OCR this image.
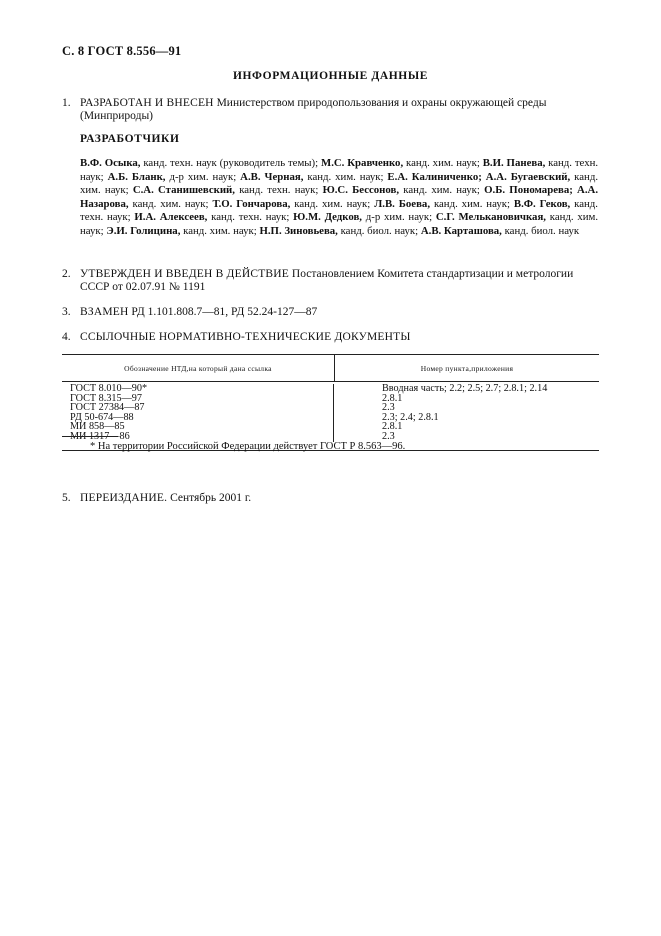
С. 8 ГОСТ 8.556—91
ИНФОРМАЦИОННЫЕ ДАННЫЕ
1. РАЗРАБОТАН И ВНЕСЕН Министерством природопользования и охраны окружающей среды (Минприроды)
РАЗРАБОТЧИКИ

В.Ф. Осыка, канд. техн. наук (руководитель темы); М.С. Кравченко, канд. хим. наук; В.И. Панева, канд. техн. наук; А.Б. Бланк, д-р хим. наук; А.В. Черная, канд. хим. наук; Е.А. Калиниченко; А.А. Бугаевский, канд. хим. наук; С.А. Станишевский, канд. техн. наук; Ю.С. Бессонов, канд. хим. наук; О.Б. Пономарева; А.А. Назарова, канд. хим. наук; Т.О. Гончарова, канд. хим. наук; Л.В. Боева, канд. хим. наук; В.Ф. Геков, канд. техн. наук; И.А. Алексеев, канд. техн. наук; Ю.М. Дедков, д-р хим. наук; С.Г. Мелькановичкая, канд. хим. наук; Э.И. Голицина, канд. хим. наук; Н.П. Зиновьева, канд. биол. наук; А.В. Карташова, канд. биол. наук

2. УТВЕРЖДЕН И ВВЕДЕН В ДЕЙСТВИЕ Постановлением Комитета стандартизации и метрологии СССР от 02.07.91 № 1191
3. ВЗАМЕН РД 1.101.808.7—81, РД 52.24-127—87
4. ССЫЛОЧНЫЕ НОРМАТИВНО-ТЕХНИЧЕСКИЕ ДОКУМЕНТЫ
Обозначение НТД,на который дана ссылка	Номер пункта,приложения
ГОСТ 8.010—90*
ГОСТ 8.315—97
ГОСТ 27384—87
РД 50-674—88
МИ 858—85
МИ 1317—86
Вводная часть; 2.2; 2.5; 2.7; 2.8.1; 2.14
2.8.1
2.3
2.3; 2.4; 2.8.1
2.8.1
2.3
* На территории Российской Федерации действует ГОСТ Р 8.563—96.
5. ПЕРЕИЗДАНИЕ. Сентябрь 2001 г.
